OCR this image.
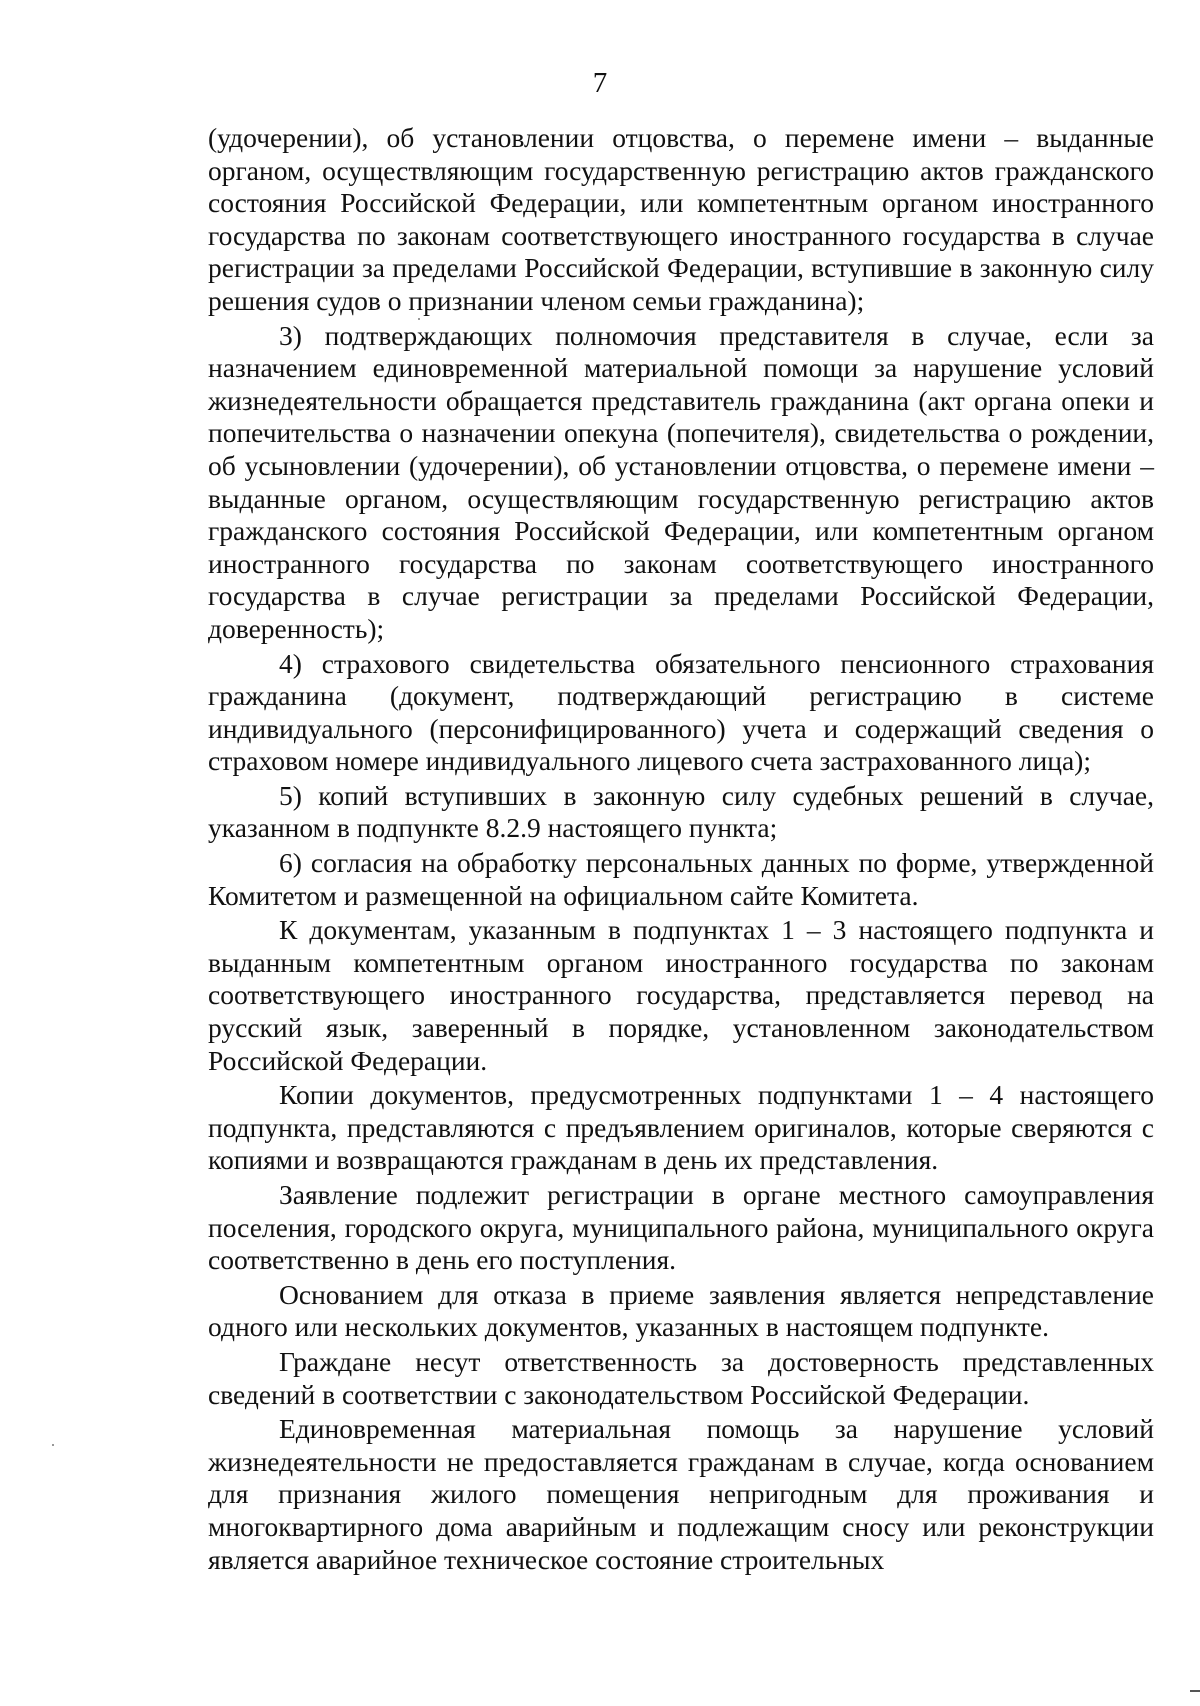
7

(удочерении), об установлении отцовства, о перемене имени – выданные органом, осуществляющим государственную регистрацию актов гражданского состояния Российской Федерации, или компетентным органом иностранного государства по законам соответствующего иностранного государства в случае регистрации за пределами Российской Федерации, вступившие в законную силу решения судов о признании членом семьи гражданина);

3) подтверждающих полномочия представителя в случае, если за назначением единовременной материальной помощи за нарушение условий жизнедеятельности обращается представитель гражданина (акт органа опеки и попечительства о назначении опекуна (попечителя), свидетельства о рождении, об усыновлении (удочерении), об установлении отцовства, о перемене имени – выданные органом, осуществляющим государственную регистрацию актов гражданского состояния Российской Федерации, или компетентным органом иностранного государства по законам соответствующего иностранного государства в случае регистрации за пределами Российской Федерации, доверенность);

4) страхового свидетельства обязательного пенсионного страхования гражданина (документ, подтверждающий регистрацию в системе индивидуального (персонифицированного) учета и содержащий сведения о страховом номере индивидуального лицевого счета застрахованного лица);

5) копий вступивших в законную силу судебных решений в случае, указанном в подпункте 8.2.9 настоящего пункта;

6) согласия на обработку персональных данных по форме, утвержденной Комитетом и размещенной на официальном сайте Комитета.

К документам, указанным в подпунктах 1 – 3 настоящего подпункта и выданным компетентным органом иностранного государства по законам соответствующего иностранного государства, представляется перевод на русский язык, заверенный в порядке, установленном законодательством Российской Федерации.

Копии документов, предусмотренных подпунктами 1 – 4 настоящего подпункта, представляются с предъявлением оригиналов, которые сверяются с копиями и возвращаются гражданам в день их представления.

Заявление подлежит регистрации в органе местного самоуправления поселения, городского округа, муниципального района, муниципального округа соответственно в день его поступления.

Основанием для отказа в приеме заявления является непредставление одного или нескольких документов, указанных в настоящем подпункте.

Граждане несут ответственность за достоверность представленных сведений в соответствии с законодательством Российской Федерации.

Единовременная материальная помощь за нарушение условий жизнедеятельности не предоставляется гражданам в случае, когда основанием для признания жилого помещения непригодным для проживания и многоквартирного дома аварийным и подлежащим сносу или реконструкции является аварийное техническое состояние строительных
